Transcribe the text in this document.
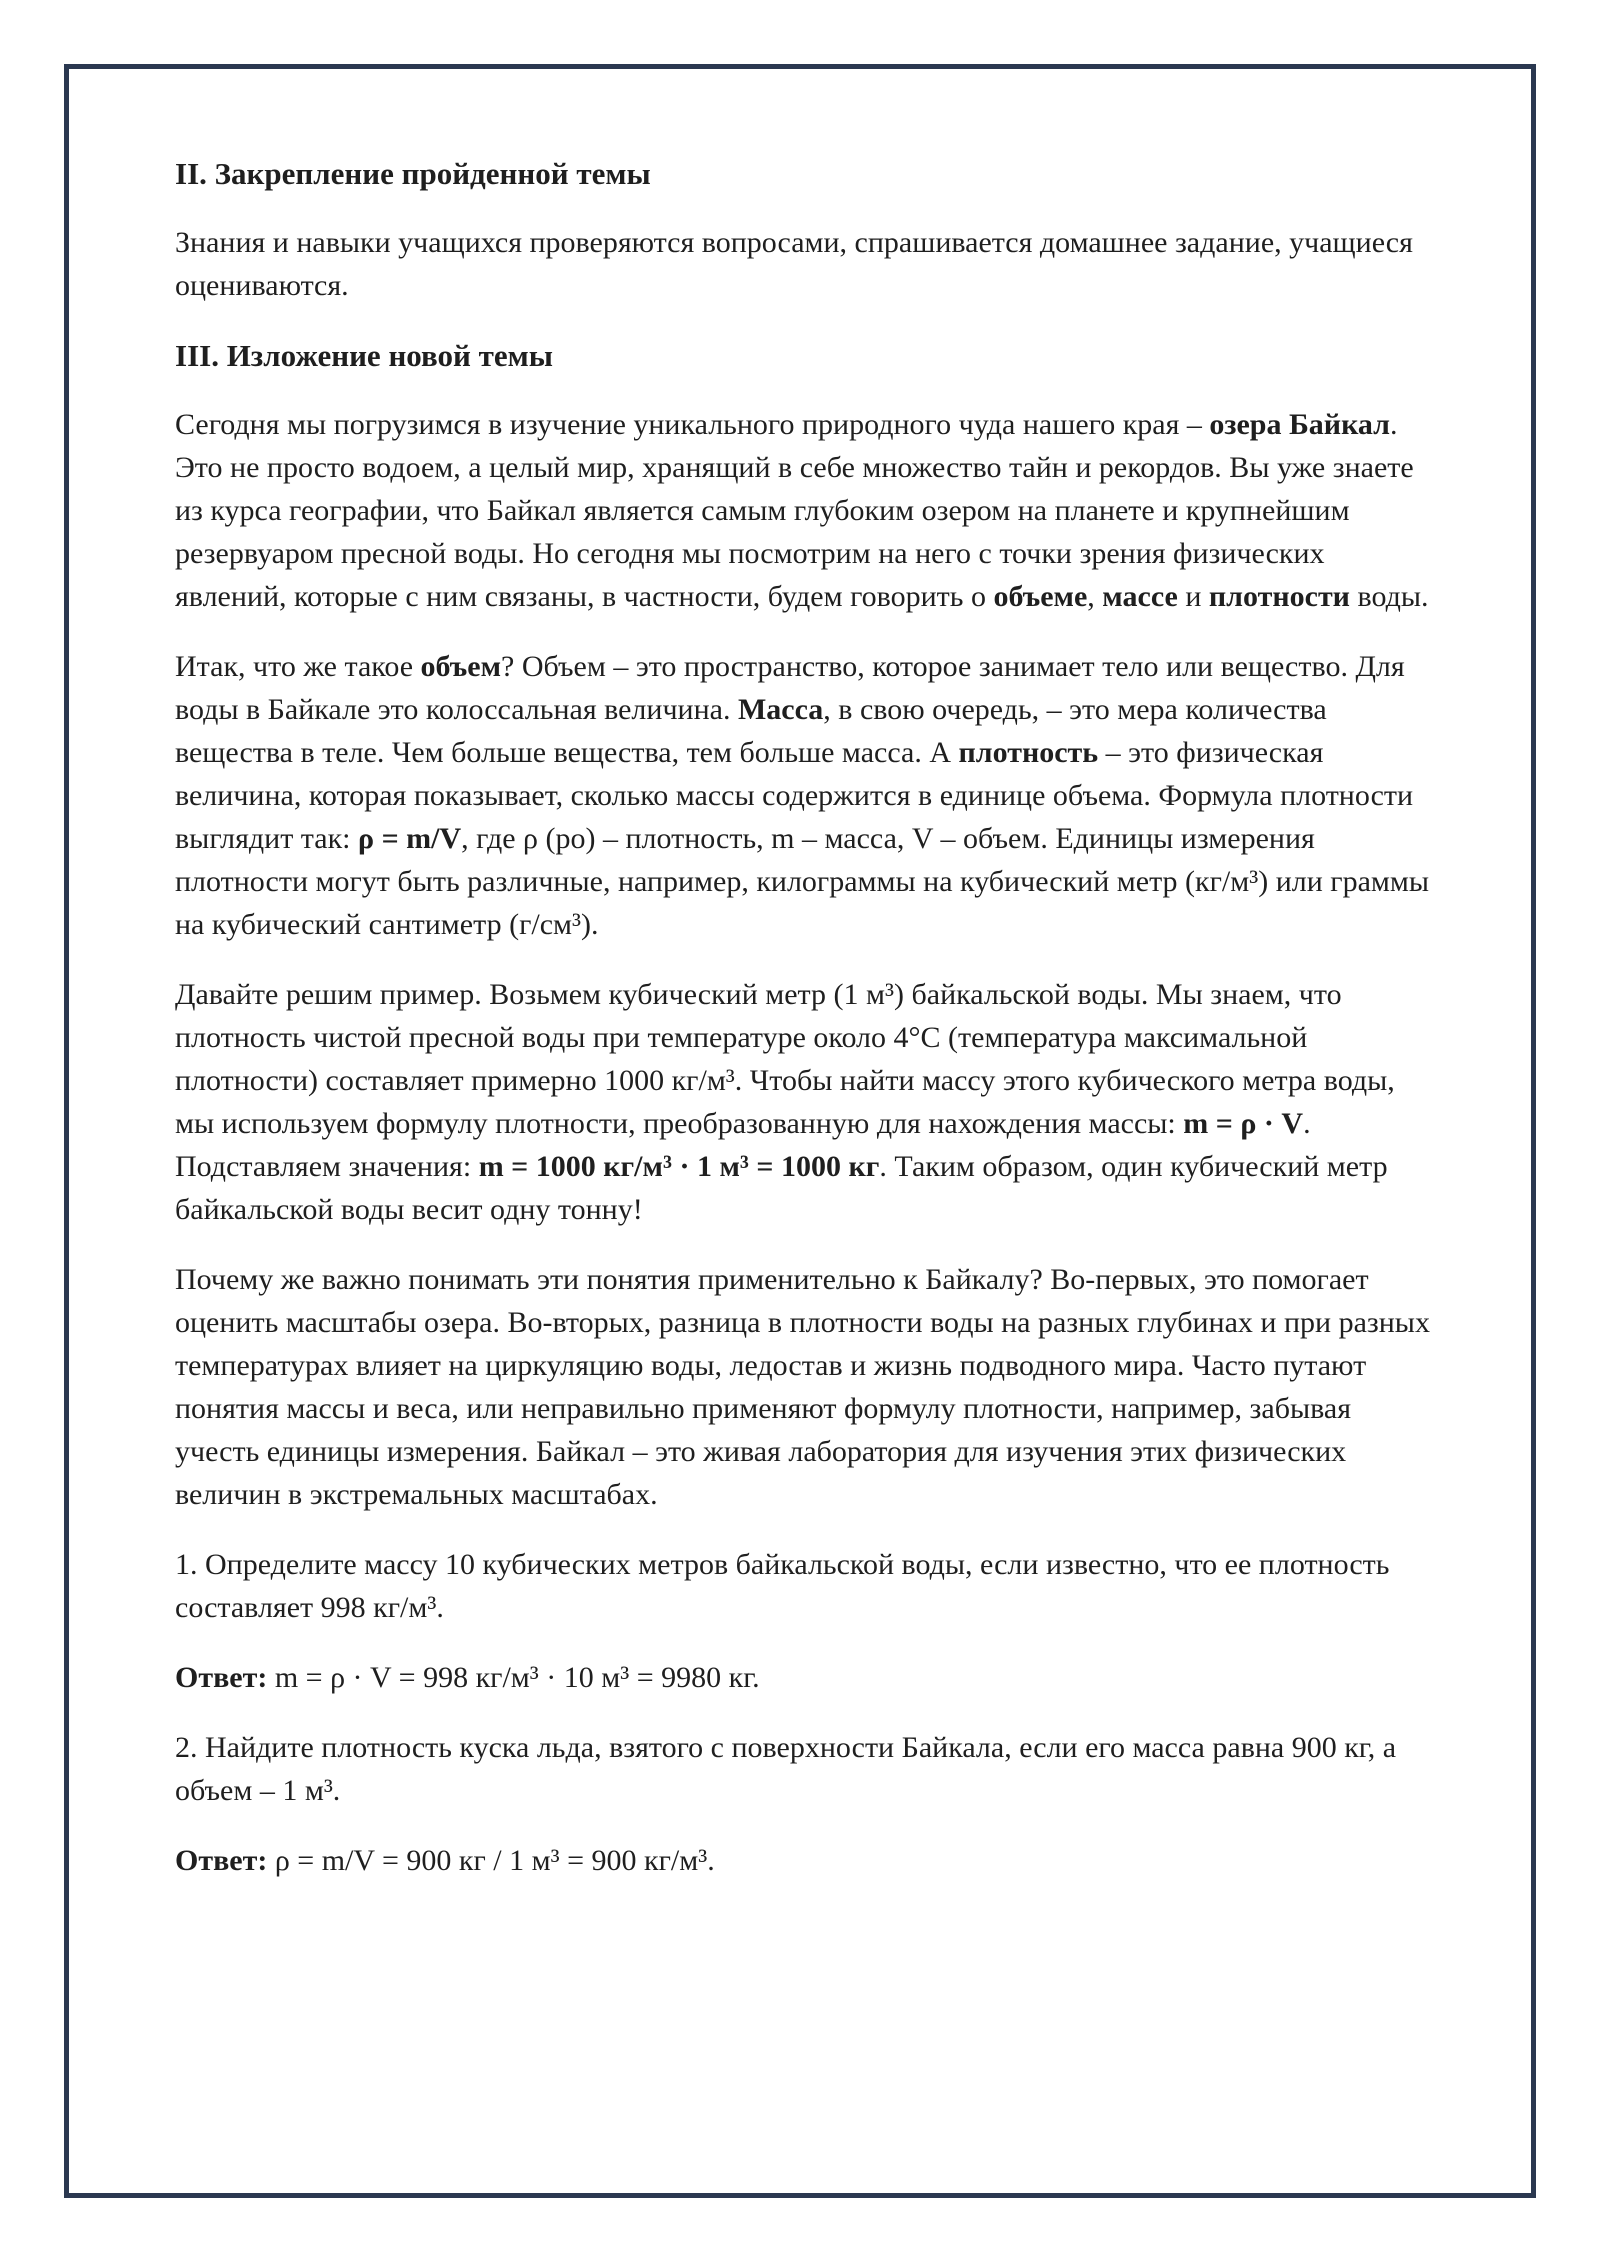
II. Закрепление пройденной темы

Знания и навыки учащихся проверяются вопросами, спрашивается домашнее задание, учащиеся оцениваются.

III. Изложение новой темы

Сегодня мы погрузимся в изучение уникального природного чуда нашего края – озера Байкал. Это не просто водоем, а целый мир, хранящий в себе множество тайн и рекордов. Вы уже знаете из курса географии, что Байкал является самым глубоким озером на планете и крупнейшим резервуаром пресной воды. Но сегодня мы посмотрим на него с точки зрения физических явлений, которые с ним связаны, в частности, будем говорить о объеме, массе и плотности воды.

Итак, что же такое объем? Объем – это пространство, которое занимает тело или вещество. Для воды в Байкале это колоссальная величина. Масса, в свою очередь, – это мера количества вещества в теле. Чем больше вещества, тем больше масса. А плотность – это физическая величина, которая показывает, сколько массы содержится в единице объема. Формула плотности выглядит так: ρ = m/V, где ρ (ро) – плотность, m – масса, V – объем. Единицы измерения плотности могут быть различные, например, килограммы на кубический метр (кг/м³) или граммы на кубический сантиметр (г/см³).

Давайте решим пример. Возьмем кубический метр (1 м³) байкальской воды. Мы знаем, что плотность чистой пресной воды при температуре около 4°C (температура максимальной плотности) составляет примерно 1000 кг/м³. Чтобы найти массу этого кубического метра воды, мы используем формулу плотности, преобразованную для нахождения массы: m = ρ · V. Подставляем значения: m = 1000 кг/м³ · 1 м³ = 1000 кг. Таким образом, один кубический метр байкальской воды весит одну тонну!

Почему же важно понимать эти понятия применительно к Байкалу? Во-первых, это помогает оценить масштабы озера. Во-вторых, разница в плотности воды на разных глубинах и при разных температурах влияет на циркуляцию воды, ледостав и жизнь подводного мира. Часто путают понятия массы и веса, или неправильно применяют формулу плотности, например, забывая учесть единицы измерения. Байкал – это живая лаборатория для изучения этих физических величин в экстремальных масштабах.

1. Определите массу 10 кубических метров байкальской воды, если известно, что ее плотность составляет 998 кг/м³.

Ответ: m = ρ · V = 998 кг/м³ · 10 м³ = 9980 кг.

2. Найдите плотность куска льда, взятого с поверхности Байкала, если его масса равна 900 кг, а объем – 1 м³.

Ответ: ρ = m/V = 900 кг / 1 м³ = 900 кг/м³.
